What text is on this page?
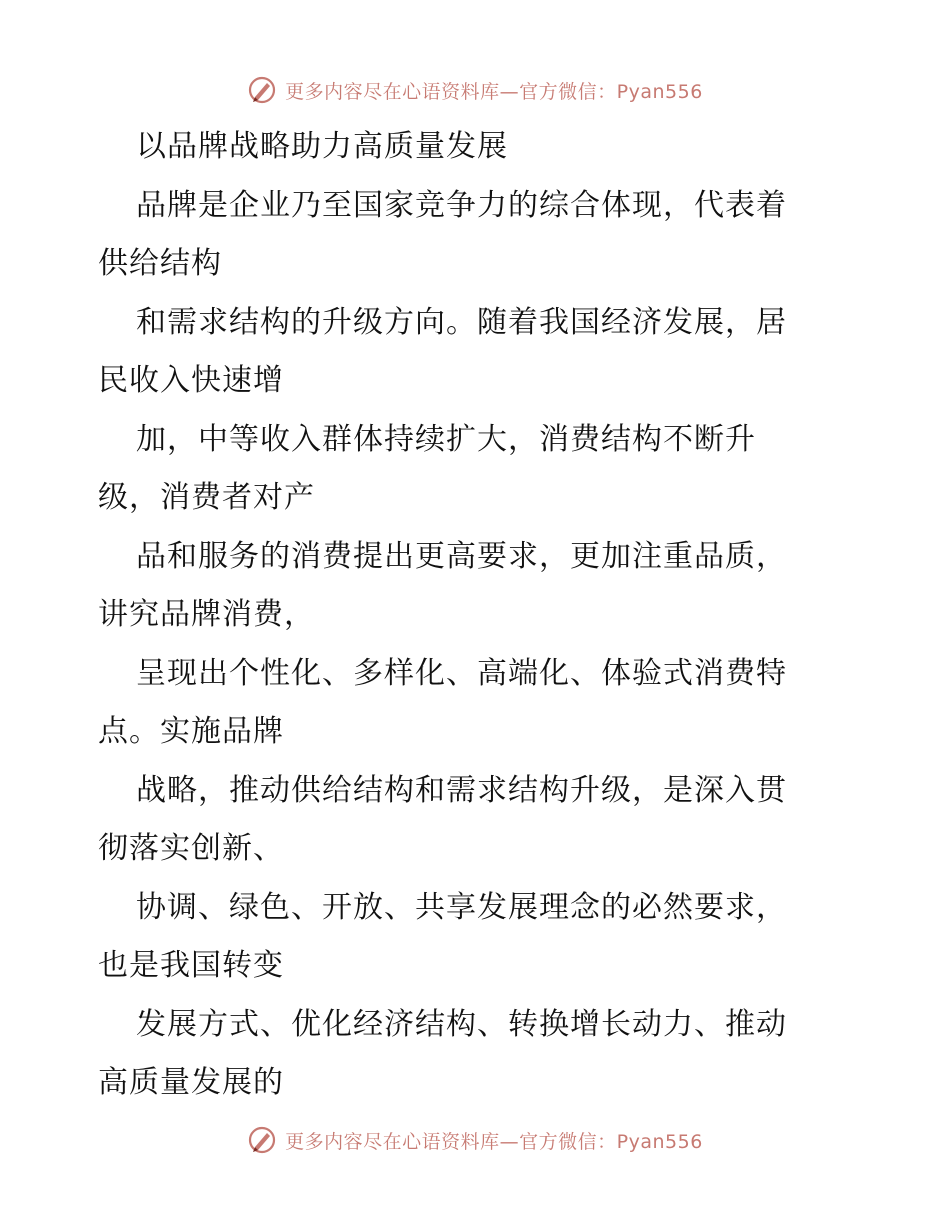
更多内容尽在心语资料库—官方微信：Pyan556

以品牌战略助力高质量发展

品牌是企业乃至国家竞争力的综合体现，代表着

供给结构

和需求结构的升级方向。随着我国经济发展，居

民收入快速增

加，中等收入群体持续扩大，消费结构不断升

级，消费者对产

品和服务的消费提出更高要求，更加注重品质，

讲究品牌消费，

呈现出个性化、多样化、高端化、体验式消费特

点。实施品牌

战略，推动供给结构和需求结构升级，是深入贯

彻落实创新、

协调、绿色、开放、共享发展理念的必然要求，

也是我国转变

发展方式、优化经济结构、转换增长动力、推动

高质量发展的

更多内容尽在心语资料库—官方微信：Pyan556
